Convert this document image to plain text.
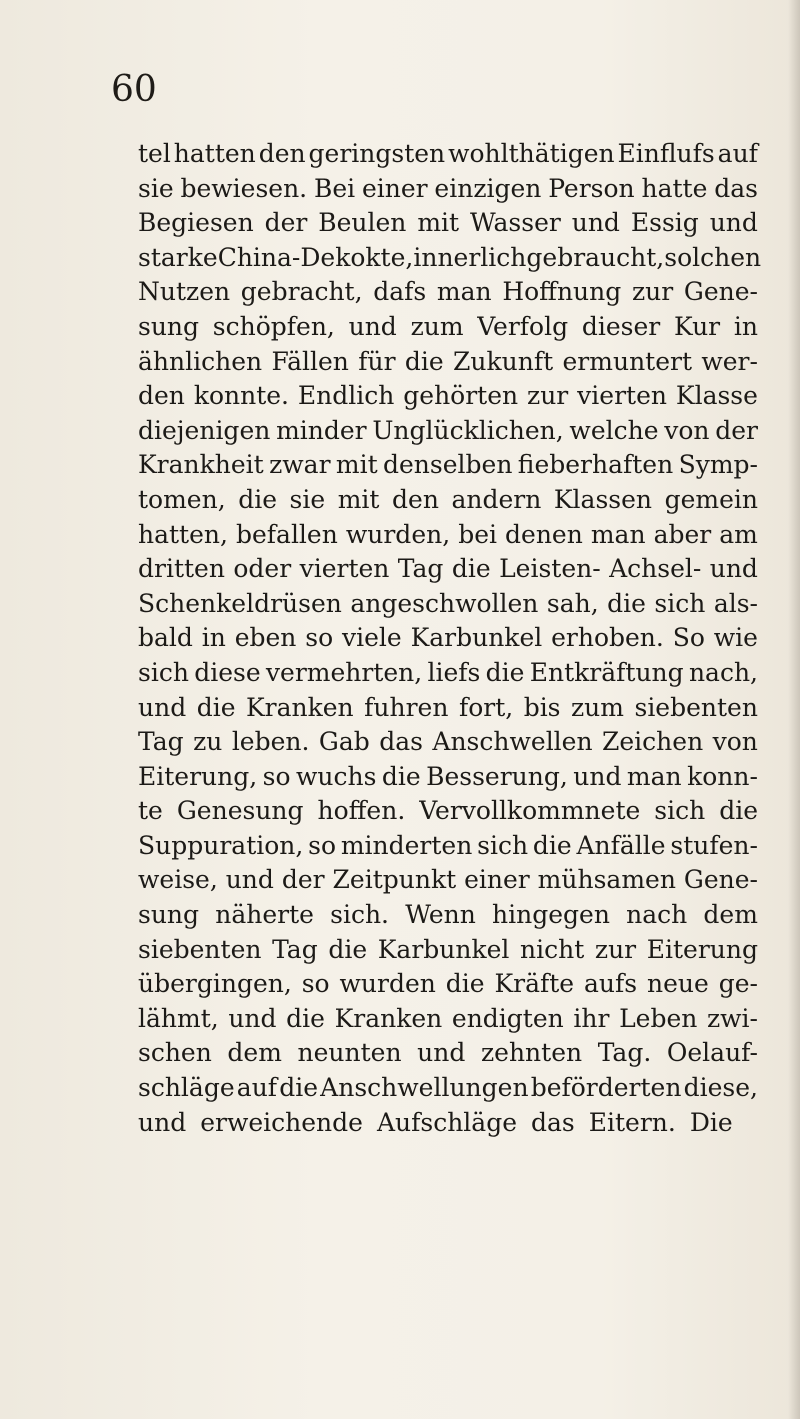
60
tel hatten den geringsten wohlthätigen Einflufs auf
sie bewiesen. Bei einer einzigen Person hatte das
Begiesen der Beulen mit Wasser und Essig und
starke China-Dekokte, innerlich gebraucht, solchen
Nutzen gebracht, dafs man Hoffnung zur Gene-
sung schöpfen, und zum Verfolg dieser Kur in
ähnlichen Fällen für die Zukunft ermuntert wer-
den konnte. Endlich gehörten zur vierten Klasse
diejenigen minder Unglücklichen, welche von der
Krankheit zwar mit denselben fieberhaften Symp-
tomen, die sie mit den andern Klassen gemein
hatten, befallen wurden, bei denen man aber am
dritten oder vierten Tag die Leisten- Achsel- und
Schenkeldrüsen angeschwollen sah, die sich als-
bald in eben so viele Karbunkel erhoben. So wie
sich diese vermehrten, liefs die Entkräftung nach,
und die Kranken fuhren fort, bis zum siebenten
Tag zu leben. Gab das Anschwellen Zeichen von
Eiterung, so wuchs die Besserung, und man konn-
te Genesung hoffen. Vervollkommnete sich die
Suppuration, so minderten sich die Anfälle stufen-
weise, und der Zeitpunkt einer mühsamen Gene-
sung näherte sich. Wenn hingegen nach dem
siebenten Tag die Karbunkel nicht zur Eiterung
übergingen, so wurden die Kräfte aufs neue ge-
lähmt, und die Kranken endigten ihr Leben zwi-
schen dem neunten und zehnten Tag. Oelauf-
schläge auf die Anschwellungen beförderten diese,
und erweichende Aufschläge das Eitern. Die
